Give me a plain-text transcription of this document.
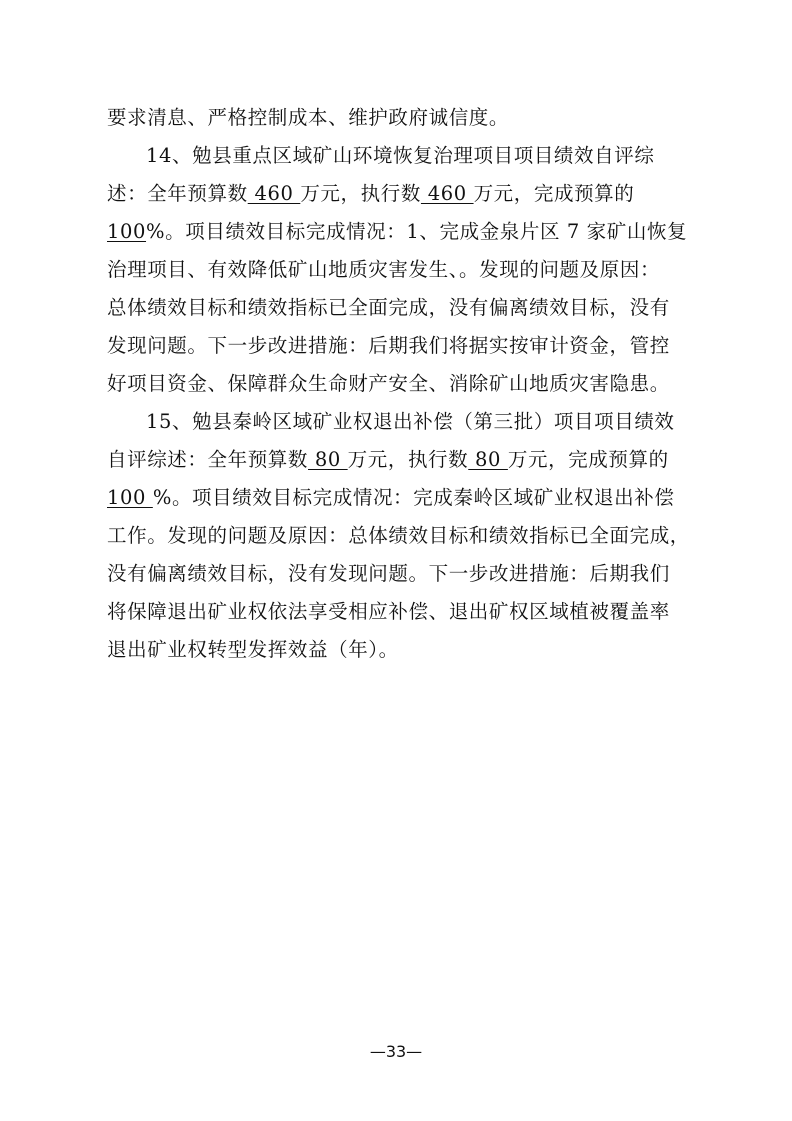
要求清息、严格控制成本、维护政府诚信度。
14、勉县重点区域矿山环境恢复治理项目项目绩效自评综
述：全年预算数 460 万元，执行数 460 万元，完成预算的
100%。项目绩效目标完成情况：1、完成金泉片区 7 家矿山恢复
治理项目、有效降低矿山地质灾害发生、。发现的问题及原因：
总体绩效目标和绩效指标已全面完成，没有偏离绩效目标，没有
发现问题。下一步改进措施：后期我们将据实按审计资金，管控
好项目资金、保障群众生命财产安全、消除矿山地质灾害隐患。
15、勉县秦岭区域矿业权退出补偿（第三批）项目项目绩效
自评综述：全年预算数 80 万元，执行数 80 万元，完成预算的
100 %。项目绩效目标完成情况：完成秦岭区域矿业权退出补偿
工作。发现的问题及原因：总体绩效目标和绩效指标已全面完成，
没有偏离绩效目标，没有发现问题。下一步改进措施：后期我们
将保障退出矿业权依法享受相应补偿、退出矿权区域植被覆盖率
退出矿业权转型发挥效益（年）。
—33—
